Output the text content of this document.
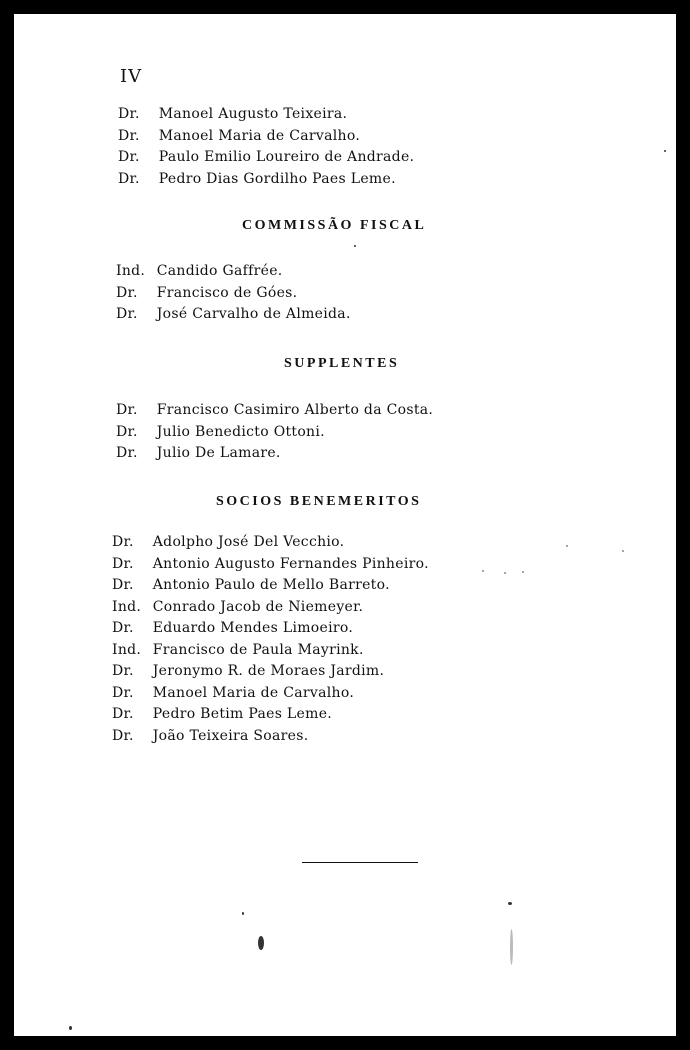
IV
Dr. Manoel Augusto Teixeira.
Dr. Manoel Maria de Carvalho.
Dr. Paulo Emilio Loureiro de Andrade.
Dr. Pedro Dias Gordilho Paes Leme.
COMMISSÃO FISCAL
Ind. Candido Gaffrée.
Dr. Francisco de Góes.
Dr. José Carvalho de Almeida.
SUPPLENTES
Dr. Francisco Casimiro Alberto da Costa.
Dr. Julio Benedicto Ottoni.
Dr. Julio De Lamare.
SOCIOS BENEMERITOS
Dr. Adolpho José Del Vecchio.
Dr. Antonio Augusto Fernandes Pinheiro.
Dr. Antonio Paulo de Mello Barreto.
Ind. Conrado Jacob de Niemeyer.
Dr. Eduardo Mendes Limoeiro.
Ind. Francisco de Paula Mayrink.
Dr. Jeronymo R. de Moraes Jardim.
Dr. Manoel Maria de Carvalho.
Dr. Pedro Betim Paes Leme.
Dr. João Teixeira Soares.
